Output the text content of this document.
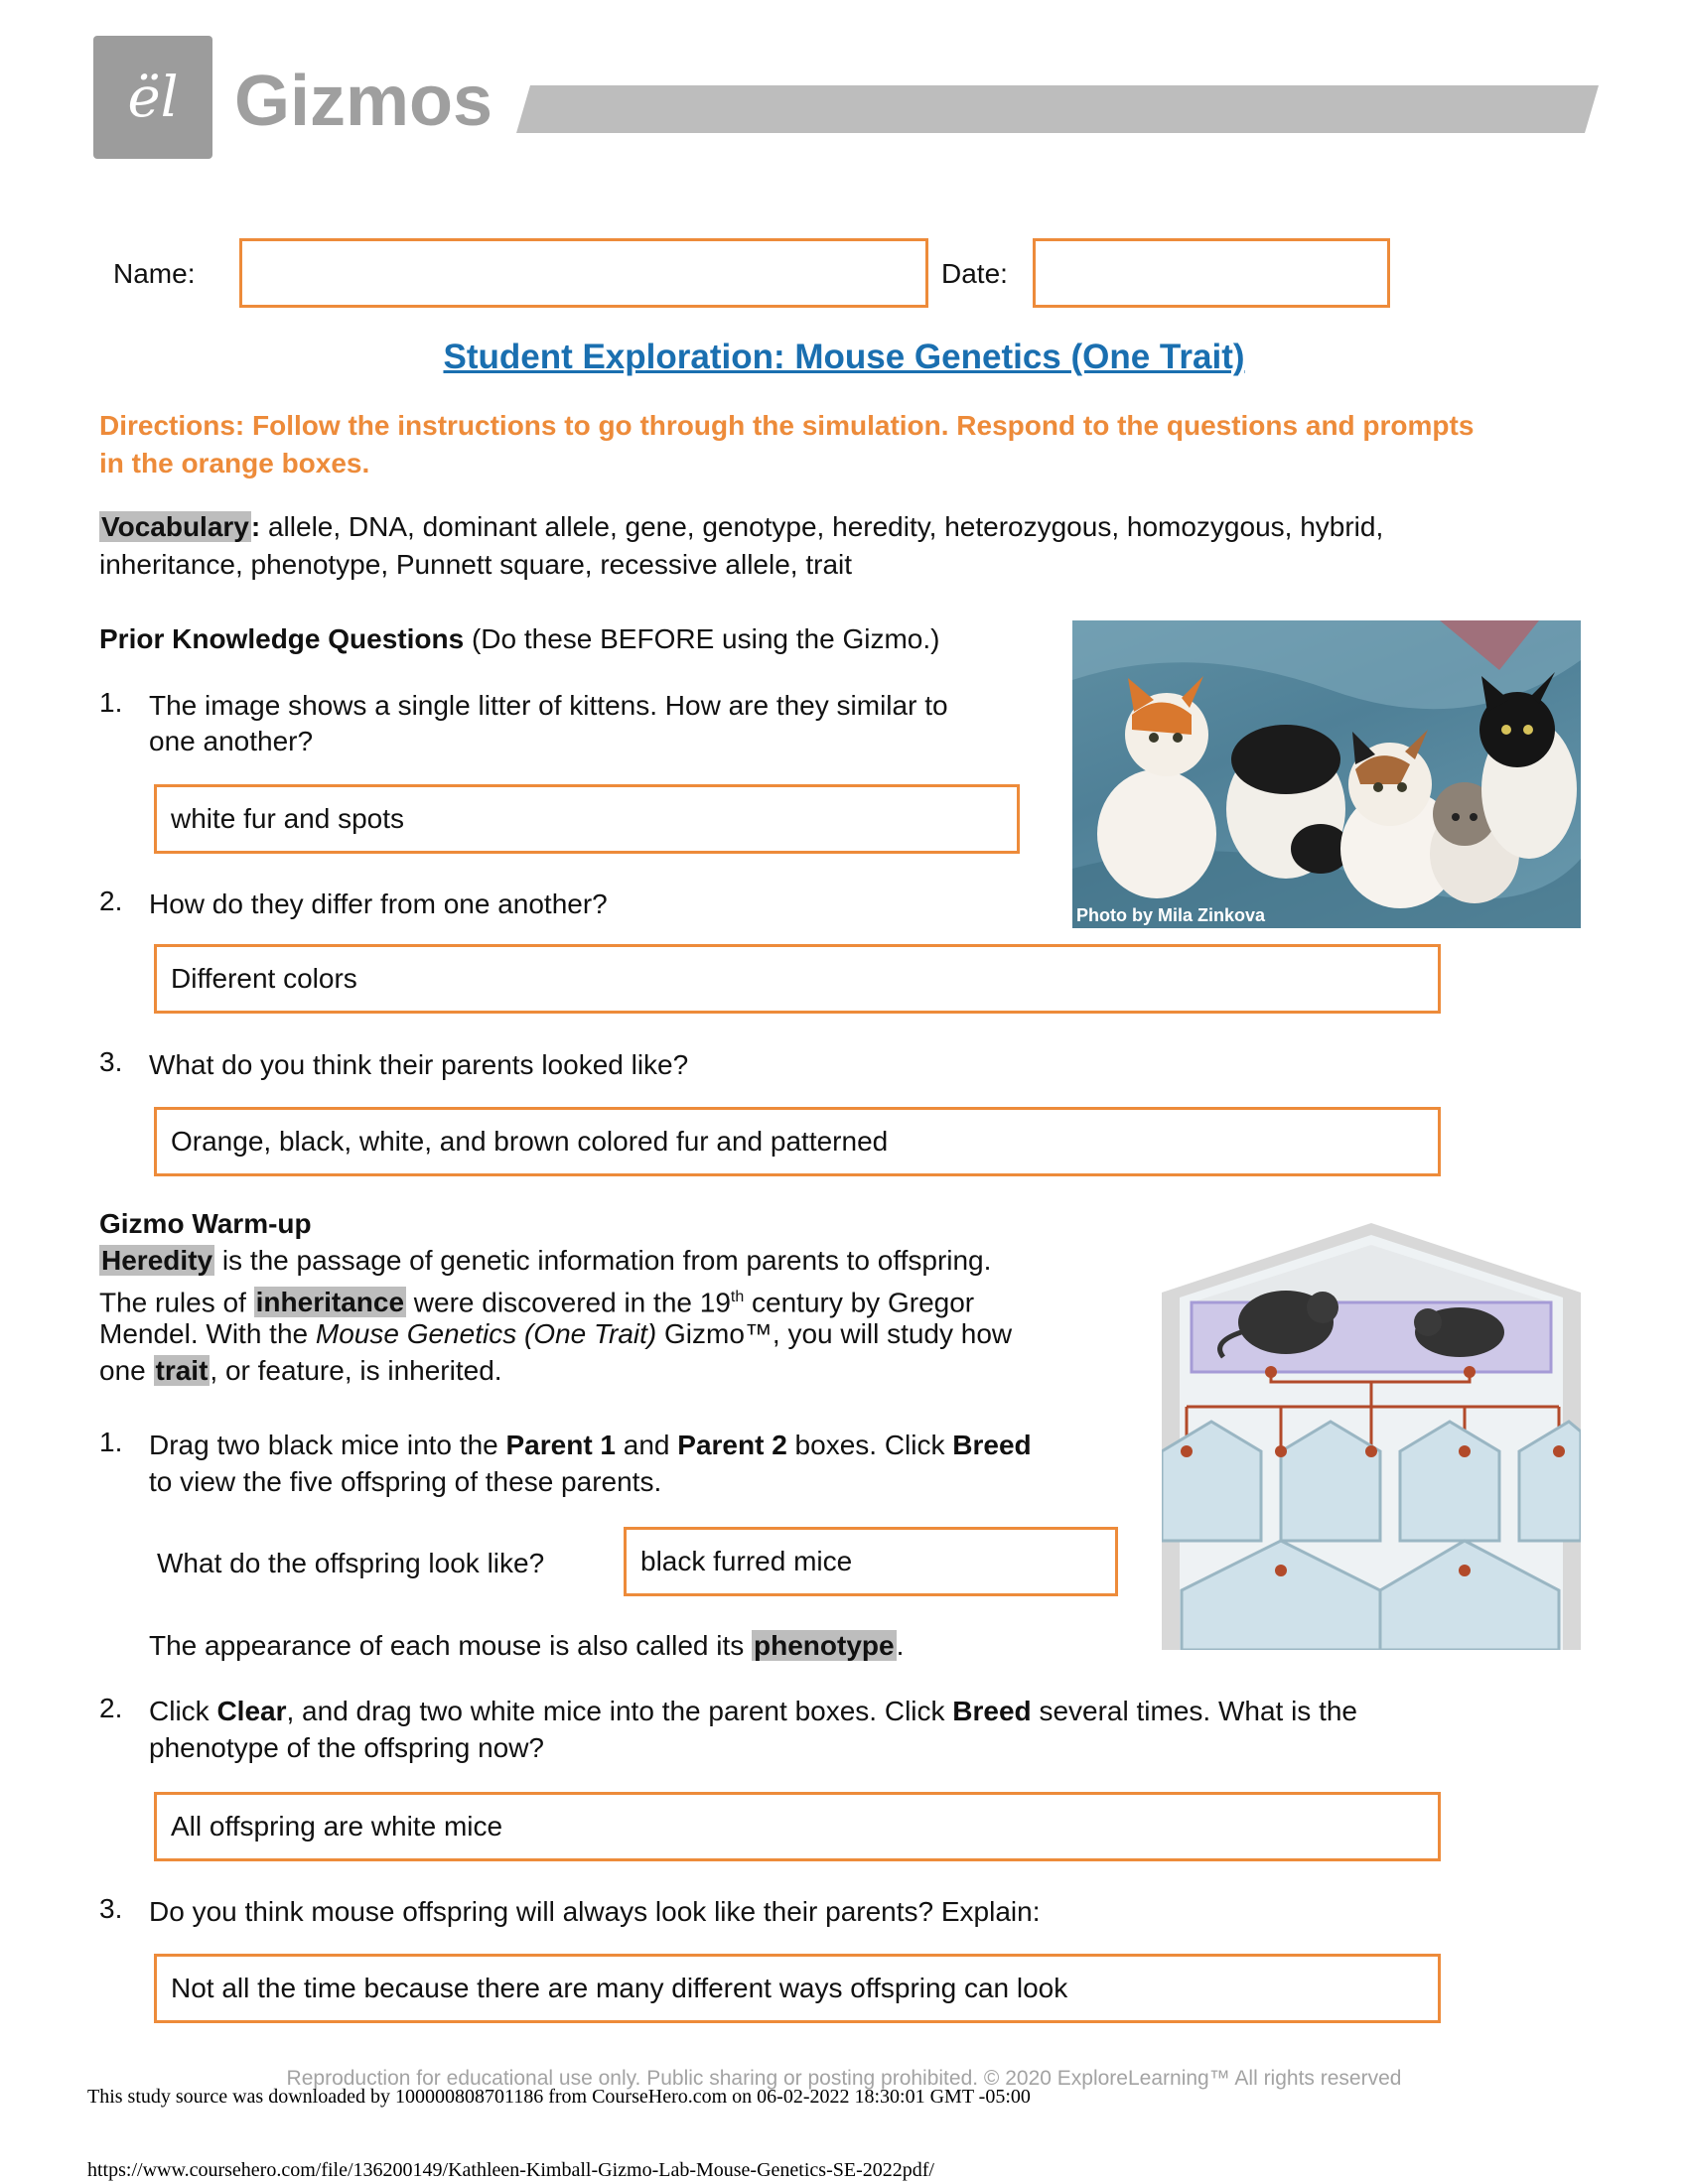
ël Gizmos
Name:	Date:
Student Exploration: Mouse Genetics (One Trait)
Directions: Follow the instructions to go through the simulation. Respond to the questions and prompts in the orange boxes.
Vocabulary: allele, DNA, dominant allele, gene, genotype, heredity, heterozygous, homozygous, hybrid,
inheritance, phenotype, Punnett square, recessive allele, trait
Prior Knowledge Questions (Do these BEFORE using the Gizmo.)
Photo by Mila Zinkova
1. The image shows a single litter of kittens. How are they similar to
one another?
white fur and spots
2. How do they differ from one another?
Different colors
3. What do you think their parents looked like?
Orange, black, white, and brown colored fur and patterned
Gizmo Warm-up
Heredity is the passage of genetic information from parents to offspring.
The rules of inheritance were discovered in the 19th century by Gregor
Mendel. With the Mouse Genetics (One Trait) Gizmo™, you will study how
one trait, or feature, is inherited.
1. Drag two black mice into the Parent 1 and Parent 2 boxes. Click Breed
to view the five offspring of these parents.
What do the offspring look like?	black furred mice
The appearance of each mouse is also called its phenotype.
2. Click Clear, and drag two white mice into the parent boxes. Click Breed several times. What is the
phenotype of the offspring now?
All offspring are white mice
3. Do you think mouse offspring will always look like their parents? Explain:
Not all the time because there are many different ways offspring can look
Reproduction for educational use only. Public sharing or posting prohibited. © 2020 ExploreLearning™ All rights reserved
This study source was downloaded by 100000808701186 from CourseHero.com on 06-02-2022 18:30:01 GMT -05:00
https://www.coursehero.com/file/136200149/Kathleen-Kimball-Gizmo-Lab-Mouse-Genetics-SE-2022pdf/
